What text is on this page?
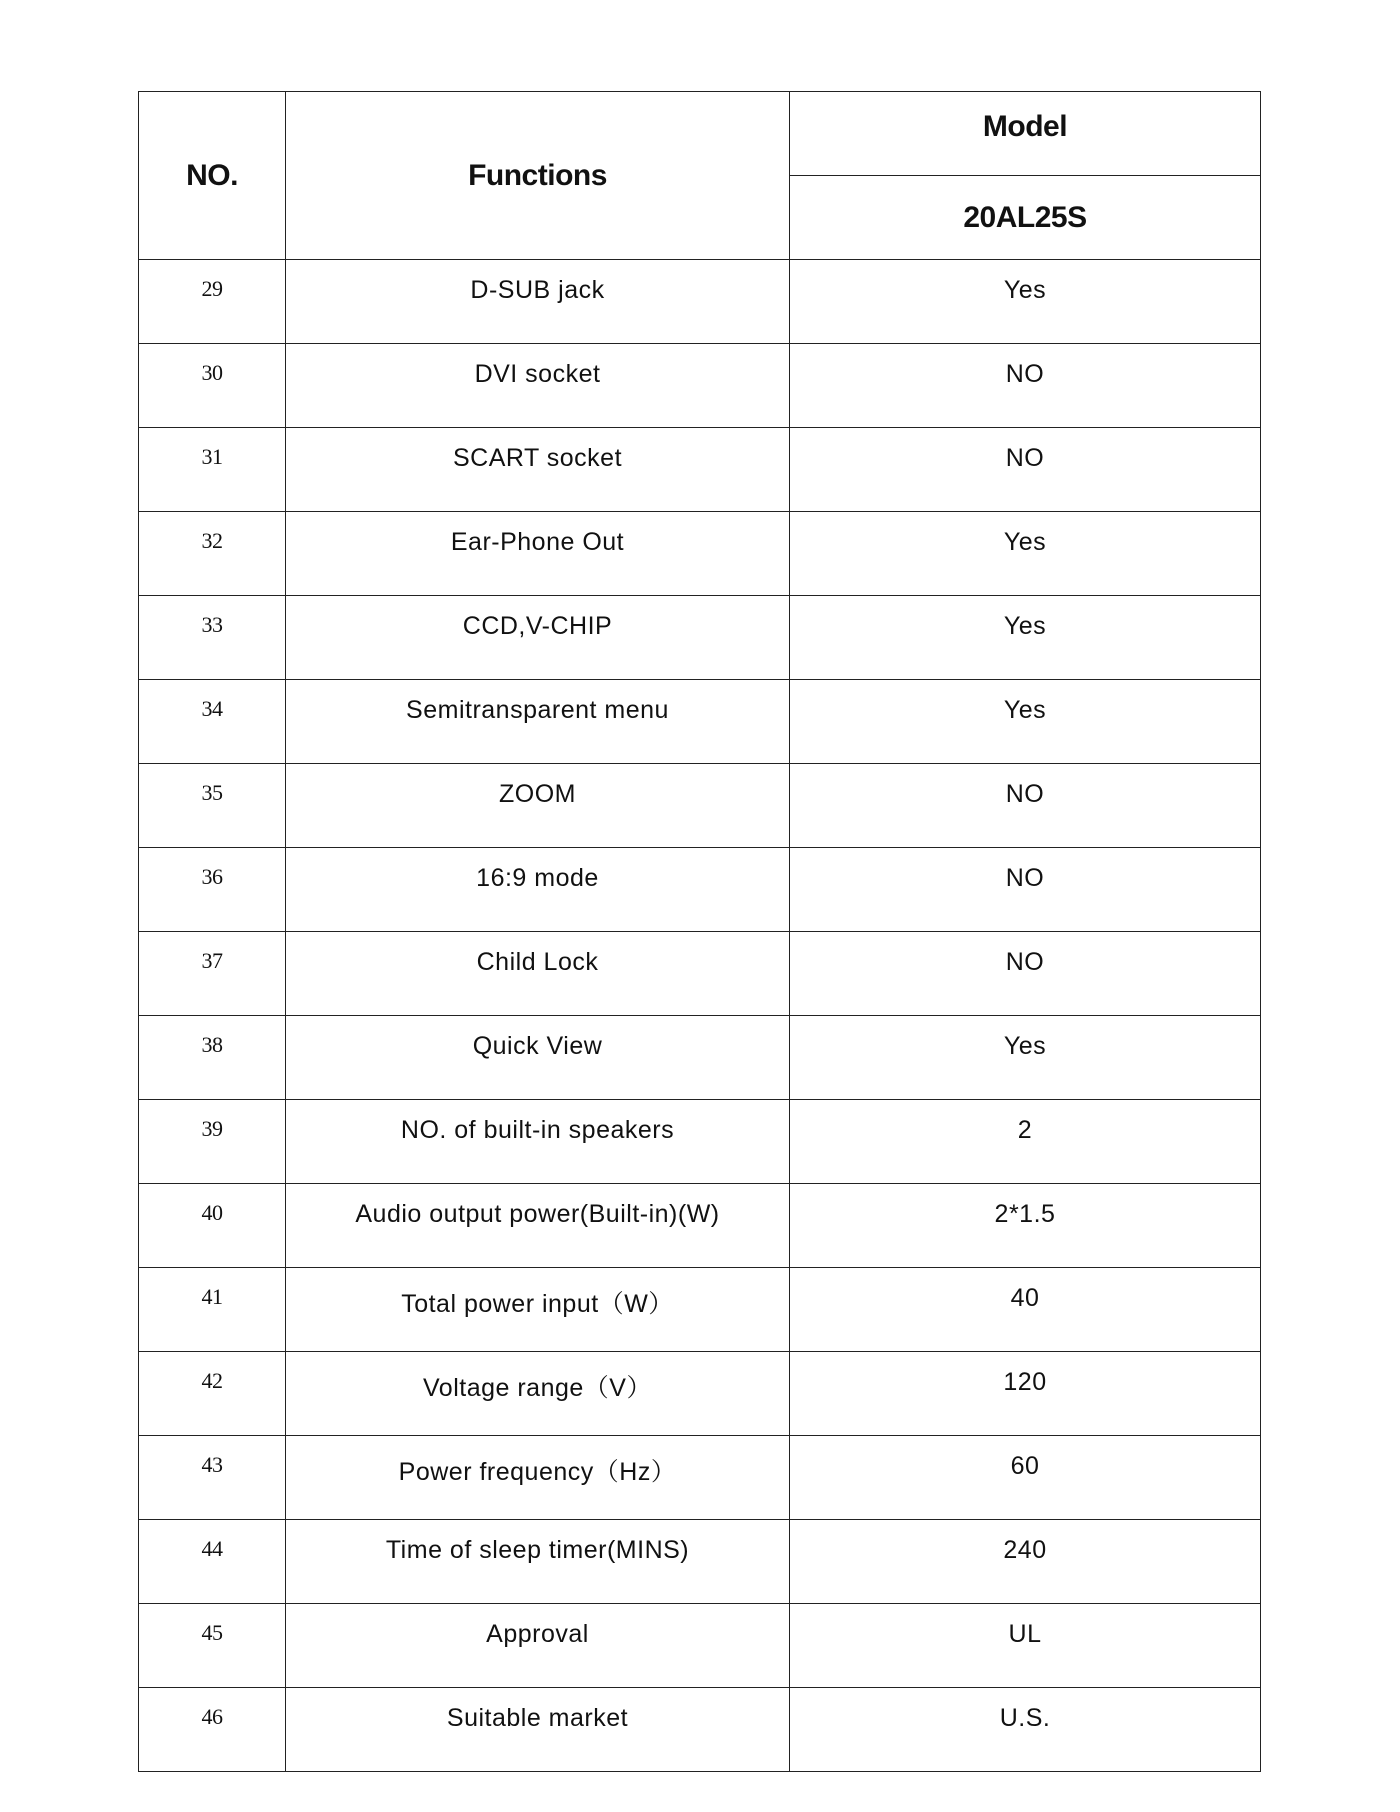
NO.	Functions	Model
		20AL25S
29	D-SUB jack	Yes
30	DVI socket	NO
31	SCART socket	NO
32	Ear-Phone Out	Yes
33	CCD,V-CHIP	Yes
34	Semitransparent menu	Yes
35	ZOOM	NO
36	16:9 mode	NO
37	Child Lock	NO
38	Quick View	Yes
39	NO. of built-in speakers	2
40	Audio output power(Built-in)(W)	2*1.5
41	Total power input（W）	40
42	Voltage range（V）	120
43	Power frequency（Hz）	60
44	Time of sleep timer(MINS)	240
45	Approval	UL
46	Suitable market	U.S.
